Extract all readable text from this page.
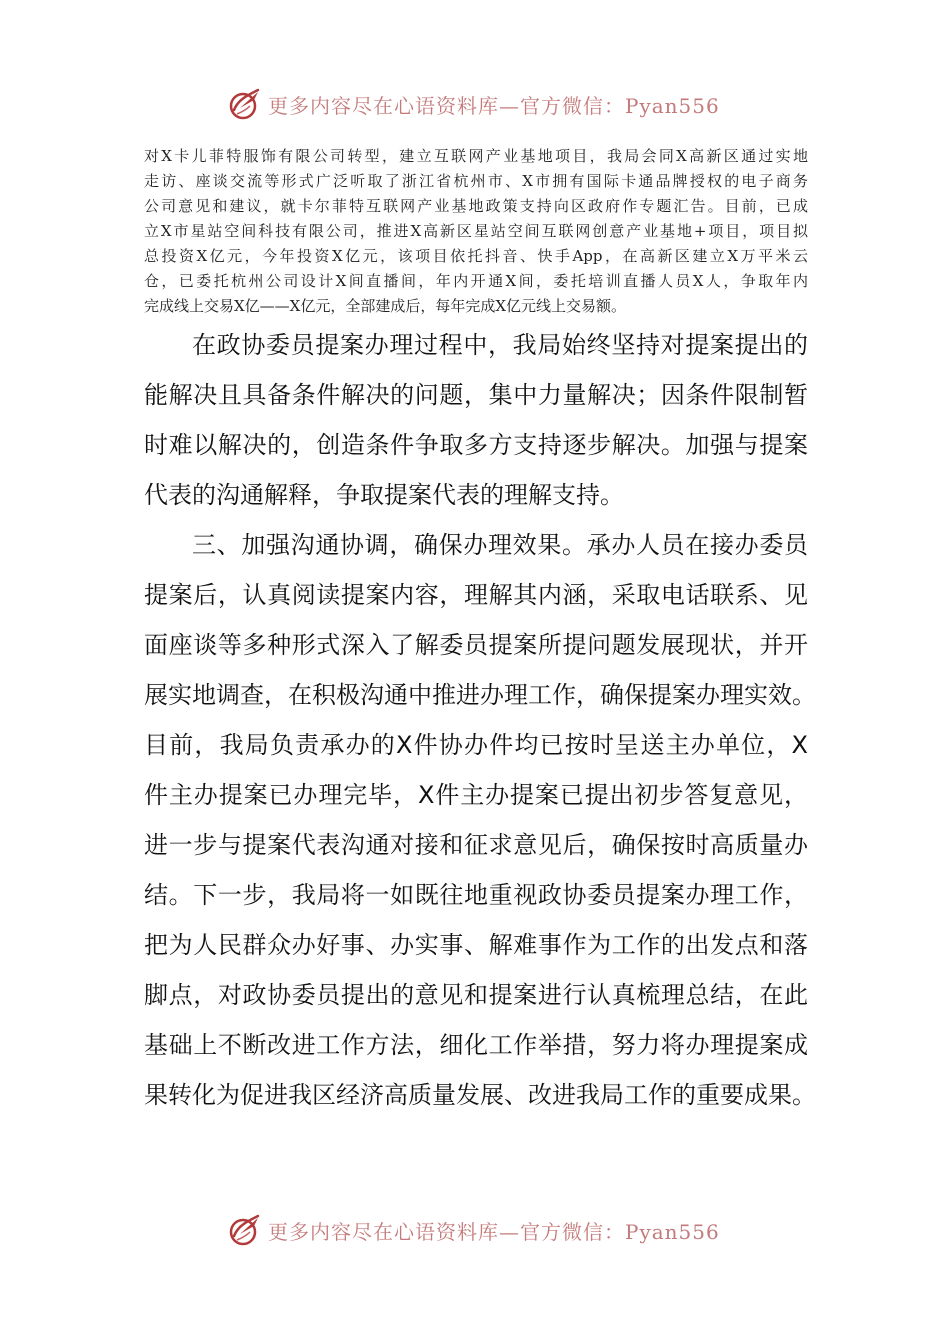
更多内容尽在心语资料库—官方微信：Pyan556
对X卡儿菲特服饰有限公司转型，建立互联网产业基地项目，我局会同X高新区通过实地
走访、座谈交流等形式广泛听取了浙江省杭州市、X市拥有国际卡通品牌授权的电子商务
公司意见和建议，就卡尔菲特互联网产业基地政策支持向区政府作专题汇告。目前，已成
立X市星站空间科技有限公司，推进X高新区星站空间互联网创意产业基地+项目，项目拟
总投资X亿元，今年投资X亿元，该项目依托抖音、快手App，在高新区建立X万平米云
仓，已委托杭州公司设计X间直播间，年内开通X间，委托培训直播人员X人，争取年内
完成线上交易X亿——X亿元，全部建成后，每年完成X亿元线上交易额。
在政协委员提案办理过程中，我局始终坚持对提案提出的
能解决且具备条件解决的问题，集中力量解决；因条件限制暂
时难以解决的，创造条件争取多方支持逐步解决。加强与提案
代表的沟通解释，争取提案代表的理解支持。
三、加强沟通协调，确保办理效果。承办人员在接办委员
提案后，认真阅读提案内容，理解其内涵，采取电话联系、见
面座谈等多种形式深入了解委员提案所提问题发展现状，并开
展实地调查，在积极沟通中推进办理工作，确保提案办理实效。
目前，我局负责承办的X件协办件均已按时呈送主办单位，X
件主办提案已办理完毕，X件主办提案已提出初步答复意见，
进一步与提案代表沟通对接和征求意见后，确保按时高质量办
结。下一步，我局将一如既往地重视政协委员提案办理工作，
把为人民群众办好事、办实事、解难事作为工作的出发点和落
脚点，对政协委员提出的意见和提案进行认真梳理总结，在此
基础上不断改进工作方法，细化工作举措，努力将办理提案成
果转化为促进我区经济高质量发展、改进我局工作的重要成果。
更多内容尽在心语资料库—官方微信：Pyan556
